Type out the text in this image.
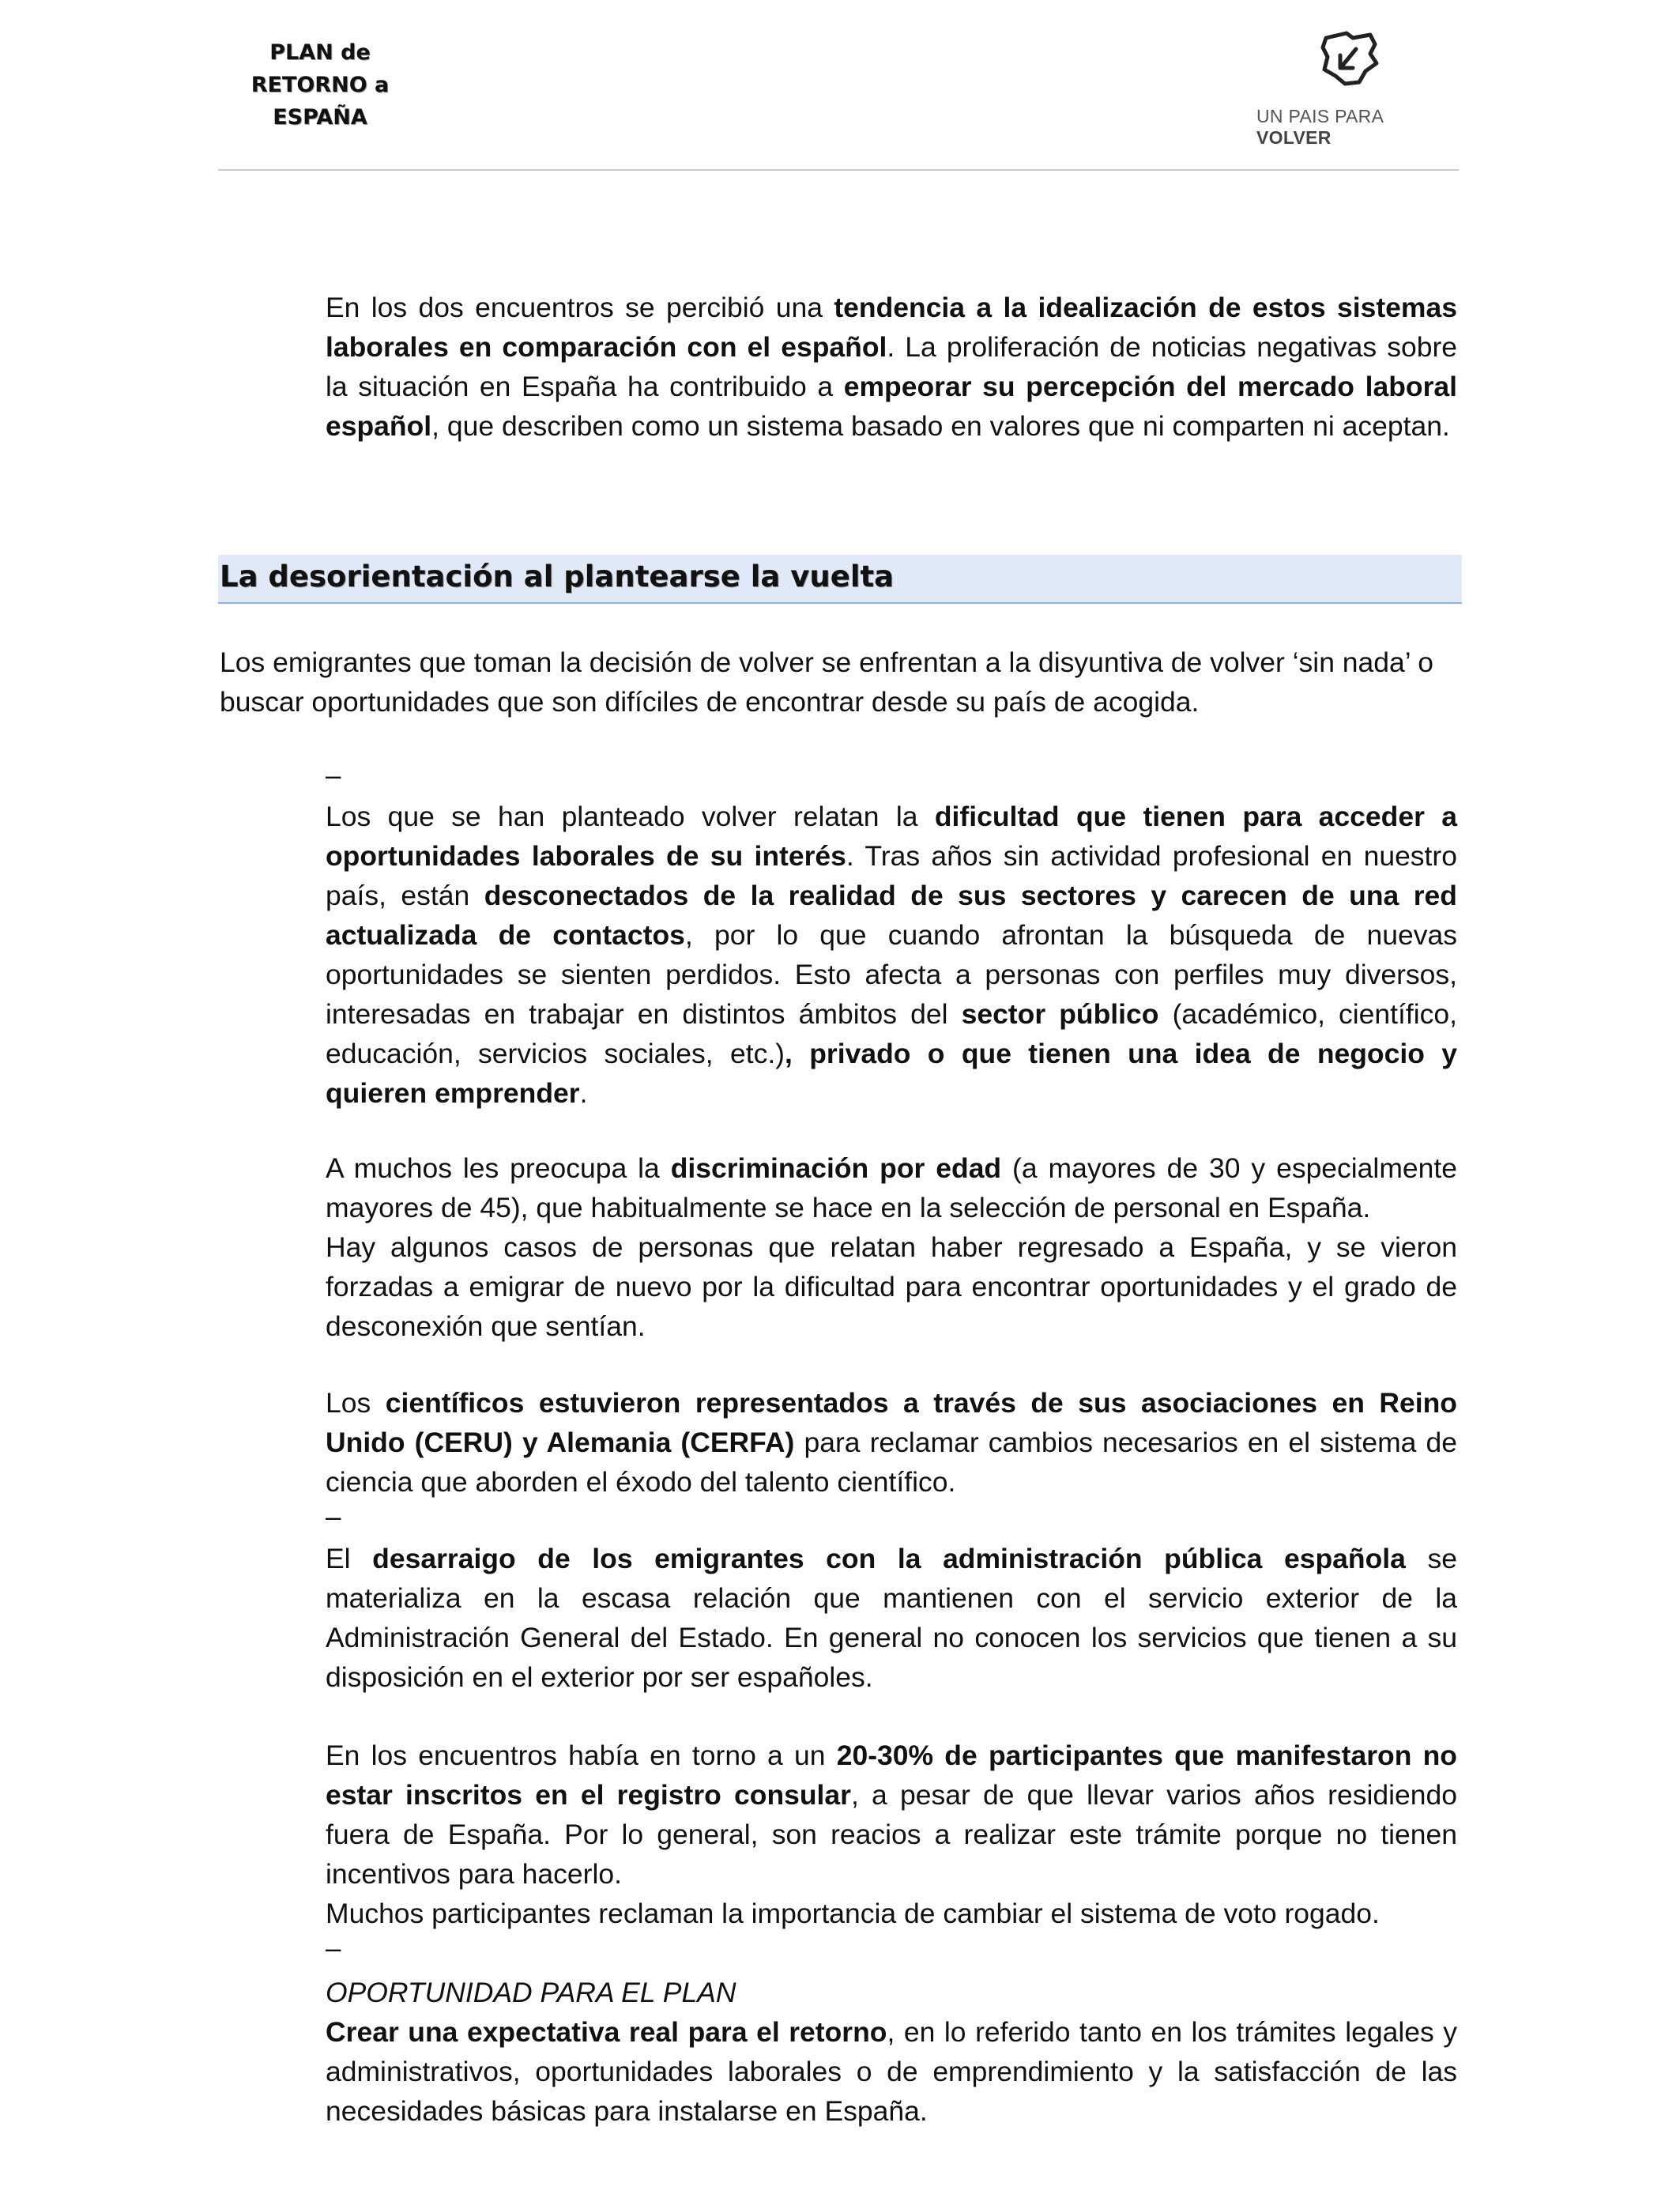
PLAN de
RETORNO a
ESPAÑA	UN PAIS PARA VOLVER

En los dos encuentros se percibió una tendencia a la idealización de estos sistemas laborales en comparación con el español. La proliferación de noticias negativas sobre la situación en España ha contribuido a empeorar su percepción del mercado laboral español, que describen como un sistema basado en valores que ni comparten ni aceptan.

La desorientación al plantearse la vuelta

Los emigrantes que toman la decisión de volver se enfrentan a la disyuntiva de volver ‘sin nada’ o buscar oportunidades que son difíciles de encontrar desde su país de acogida.

–

Los que se han planteado volver relatan la dificultad que tienen para acceder a oportunidades laborales de su interés. Tras años sin actividad profesional en nuestro país, están desconectados de la realidad de sus sectores y carecen de una red actualizada de contactos, por lo que cuando afrontan la búsqueda de nuevas oportunidades se sienten perdidos. Esto afecta a personas con perfiles muy diversos, interesadas en trabajar en distintos ámbitos del sector público (académico, científico, educación, servicios sociales, etc.), privado o que tienen una idea de negocio y quieren emprender.

A muchos les preocupa la discriminación por edad (a mayores de 30 y especialmente mayores de 45), que habitualmente se hace en la selección de personal en España.

Hay algunos casos de personas que relatan haber regresado a España, y se vieron forzadas a emigrar de nuevo por la dificultad para encontrar oportunidades y el grado de desconexión que sentían.

Los científicos estuvieron representados a través de sus asociaciones en Reino Unido (CERU) y Alemania (CERFA) para reclamar cambios necesarios en el sistema de ciencia que aborden el éxodo del talento científico.

–

El desarraigo de los emigrantes con la administración pública española se materializa en la escasa relación que mantienen con el servicio exterior de la Administración General del Estado. En general no conocen los servicios que tienen a su disposición en el exterior por ser españoles.

En los encuentros había en torno a un 20-30% de participantes que manifestaron no estar inscritos en el registro consular, a pesar de que llevar varios años residiendo fuera de España. Por lo general, son reacios a realizar este trámite porque no tienen incentivos para hacerlo.

Muchos participantes reclaman la importancia de cambiar el sistema de voto rogado.

–
OPORTUNIDAD PARA EL PLAN

Crear una expectativa real para el retorno, en lo referido tanto en los trámites legales y administrativos, oportunidades laborales o de emprendimiento y la satisfacción de las necesidades básicas para instalarse en España.
